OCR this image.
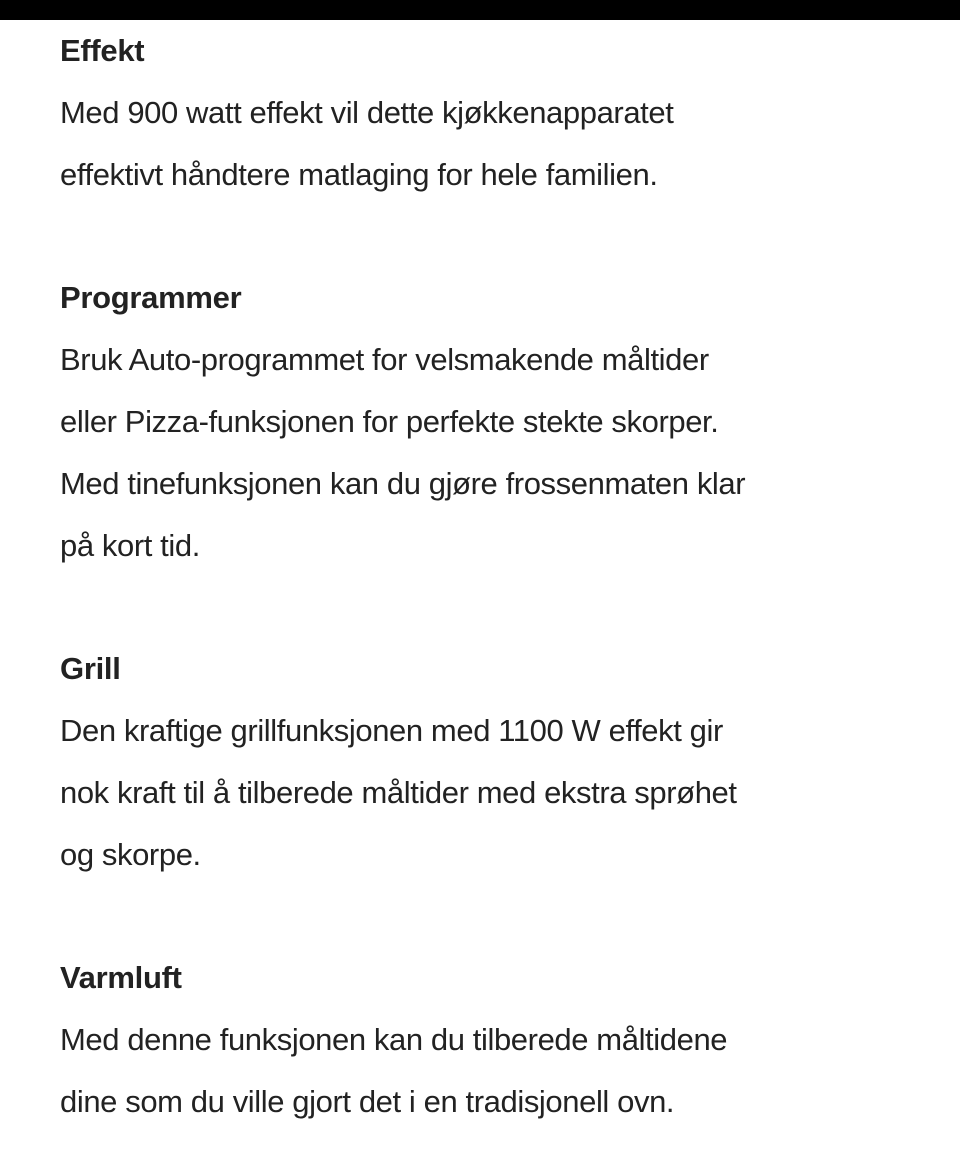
Effekt
Med 900 watt effekt vil dette kjøkkenapparatet
effektivt håndtere matlaging for hele familien.
Programmer
Bruk Auto-programmet for velsmakende måltider
eller Pizza-funksjonen for perfekte stekte skorper.
Med tinefunksjonen kan du gjøre frossenmaten klar
på kort tid.
Grill
Den kraftige grillfunksjonen med 1100 W effekt gir
nok kraft til å tilberede måltider med ekstra sprøhet
og skorpe.
Varmluft
Med denne funksjonen kan du tilberede måltidene
dine som du ville gjort det i en tradisjonell ovn.
